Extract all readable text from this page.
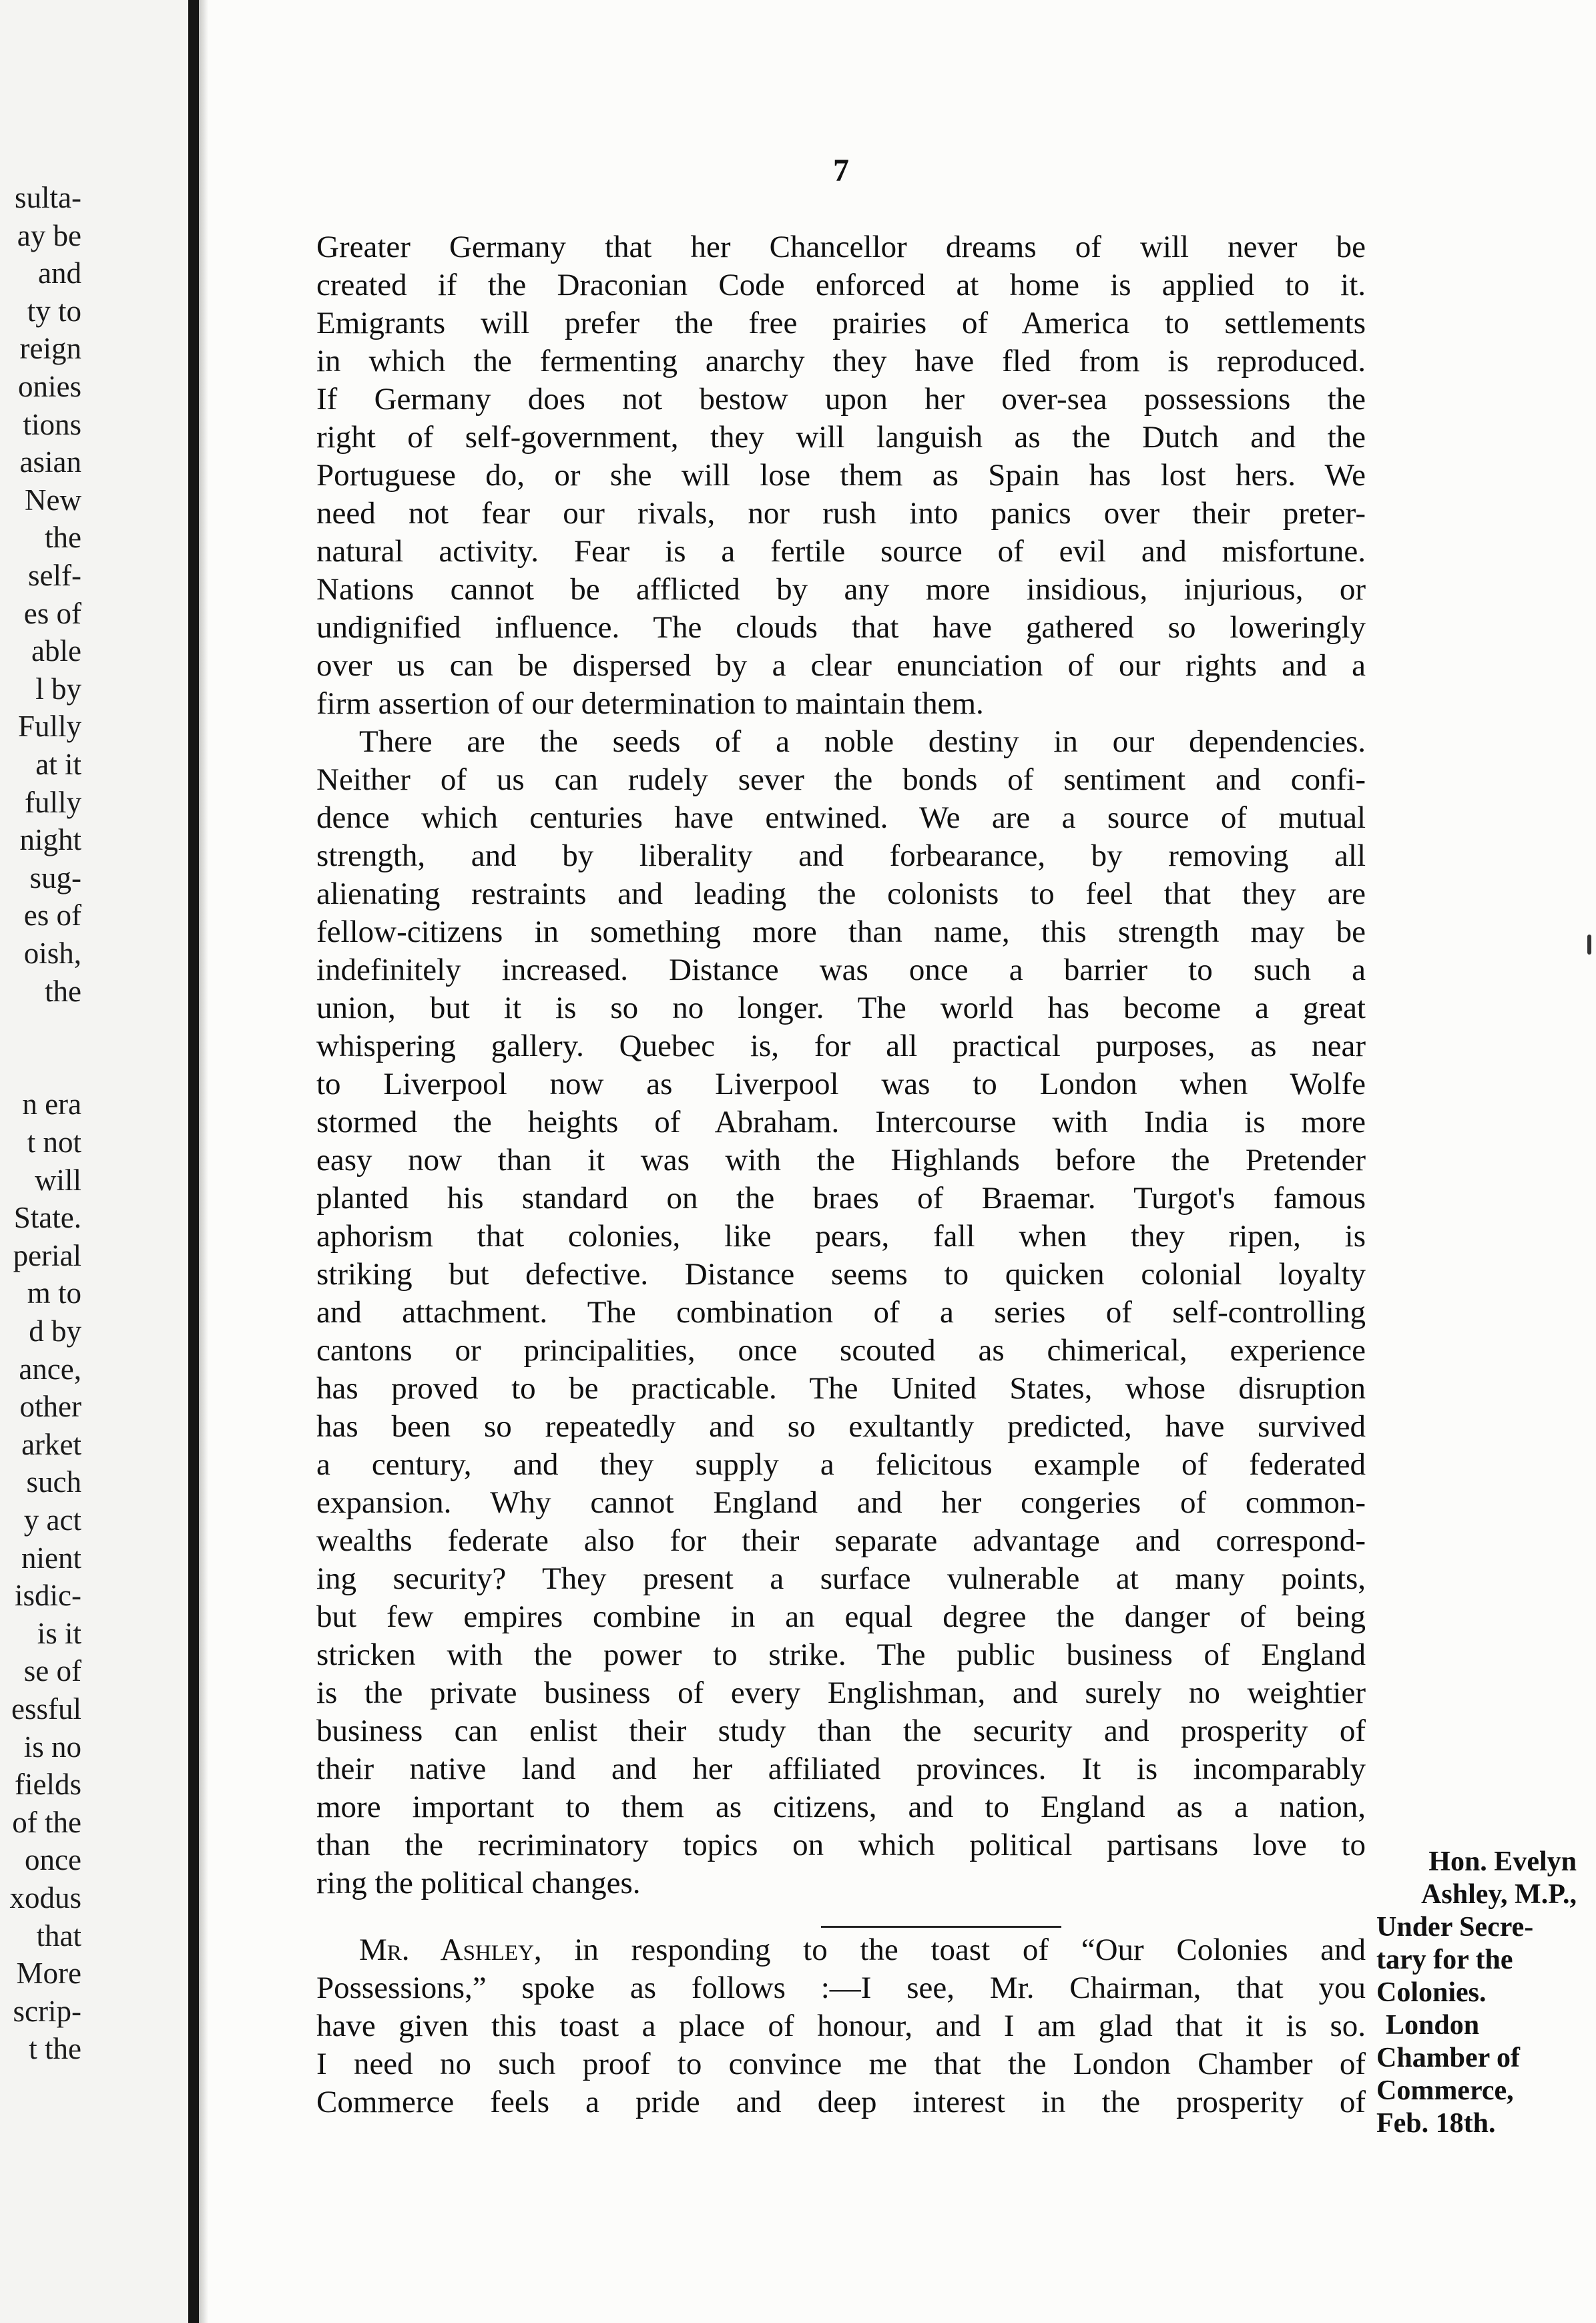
sulta-
ay be
and
ty to
reign
onies
tions
asian
New
the
self-
es of
able
l by
Fully
at it
fully
night
sug-
es of
oish,
the
n era
t not
will
State.
perial
m to
d by
ance,
other
arket
such
y act
nient
isdic-
is it
se of
essful
is no
fields
of the
once
xodus
that
More
scrip-
t the
7
Greater Germany that her Chancellor dreams of will never be
created if the Draconian Code enforced at home is applied to it.
Emigrants will prefer the free prairies of America to settlements
in which the fermenting anarchy they have fled from is reproduced.
If Germany does not bestow upon her over-sea possessions the
right of self-government, they will languish as the Dutch and the
Portuguese do, or she will lose them as Spain has lost hers. We
need not fear our rivals, nor rush into panics over their preter-
natural activity. Fear is a fertile source of evil and misfortune.
Nations cannot be afflicted by any more insidious, injurious, or
undignified influence. The clouds that have gathered so loweringly
over us can be dispersed by a clear enunciation of our rights and a
firm assertion of our determination to maintain them.
There are the seeds of a noble destiny in our dependencies.
Neither of us can rudely sever the bonds of sentiment and confi-
dence which centuries have entwined. We are a source of mutual
strength, and by liberality and forbearance, by removing all
alienating restraints and leading the colonists to feel that they are
fellow-citizens in something more than name, this strength may be
indefinitely increased. Distance was once a barrier to such a
union, but it is so no longer. The world has become a great
whispering gallery. Quebec is, for all practical purposes, as near
to Liverpool now as Liverpool was to London when Wolfe
stormed the heights of Abraham. Intercourse with India is more
easy now than it was with the Highlands before the Pretender
planted his standard on the braes of Braemar. Turgot's famous
aphorism that colonies, like pears, fall when they ripen, is
striking but defective. Distance seems to quicken colonial loyalty
and attachment. The combination of a series of self-controlling
cantons or principalities, once scouted as chimerical, experience
has proved to be practicable. The United States, whose disruption
has been so repeatedly and so exultantly predicted, have survived
a century, and they supply a felicitous example of federated
expansion. Why cannot England and her congeries of common-
wealths federate also for their separate advantage and correspond-
ing security? They present a surface vulnerable at many points,
but few empires combine in an equal degree the danger of being
stricken with the power to strike. The public business of England
is the private business of every Englishman, and surely no weightier
business can enlist their study than the security and prosperity of
their native land and her affiliated provinces. It is incomparably
more important to them as citizens, and to England as a nation,
than the recriminatory topics on which political partisans love to
ring the political changes.
Mr. Ashley, in responding to the toast of “Our Colonies and
Possessions,” spoke as follows :—I see, Mr. Chairman, that you
have given this toast a place of honour, and I am glad that it is so.
I need no such proof to convince me that the London Chamber of
Commerce feels a pride and deep interest in the prosperity of
Hon. Evelyn
Ashley, M.P.,
Under Secre-
tary for the
Colonies.
London
Chamber of
Commerce,
Feb. 18th.
